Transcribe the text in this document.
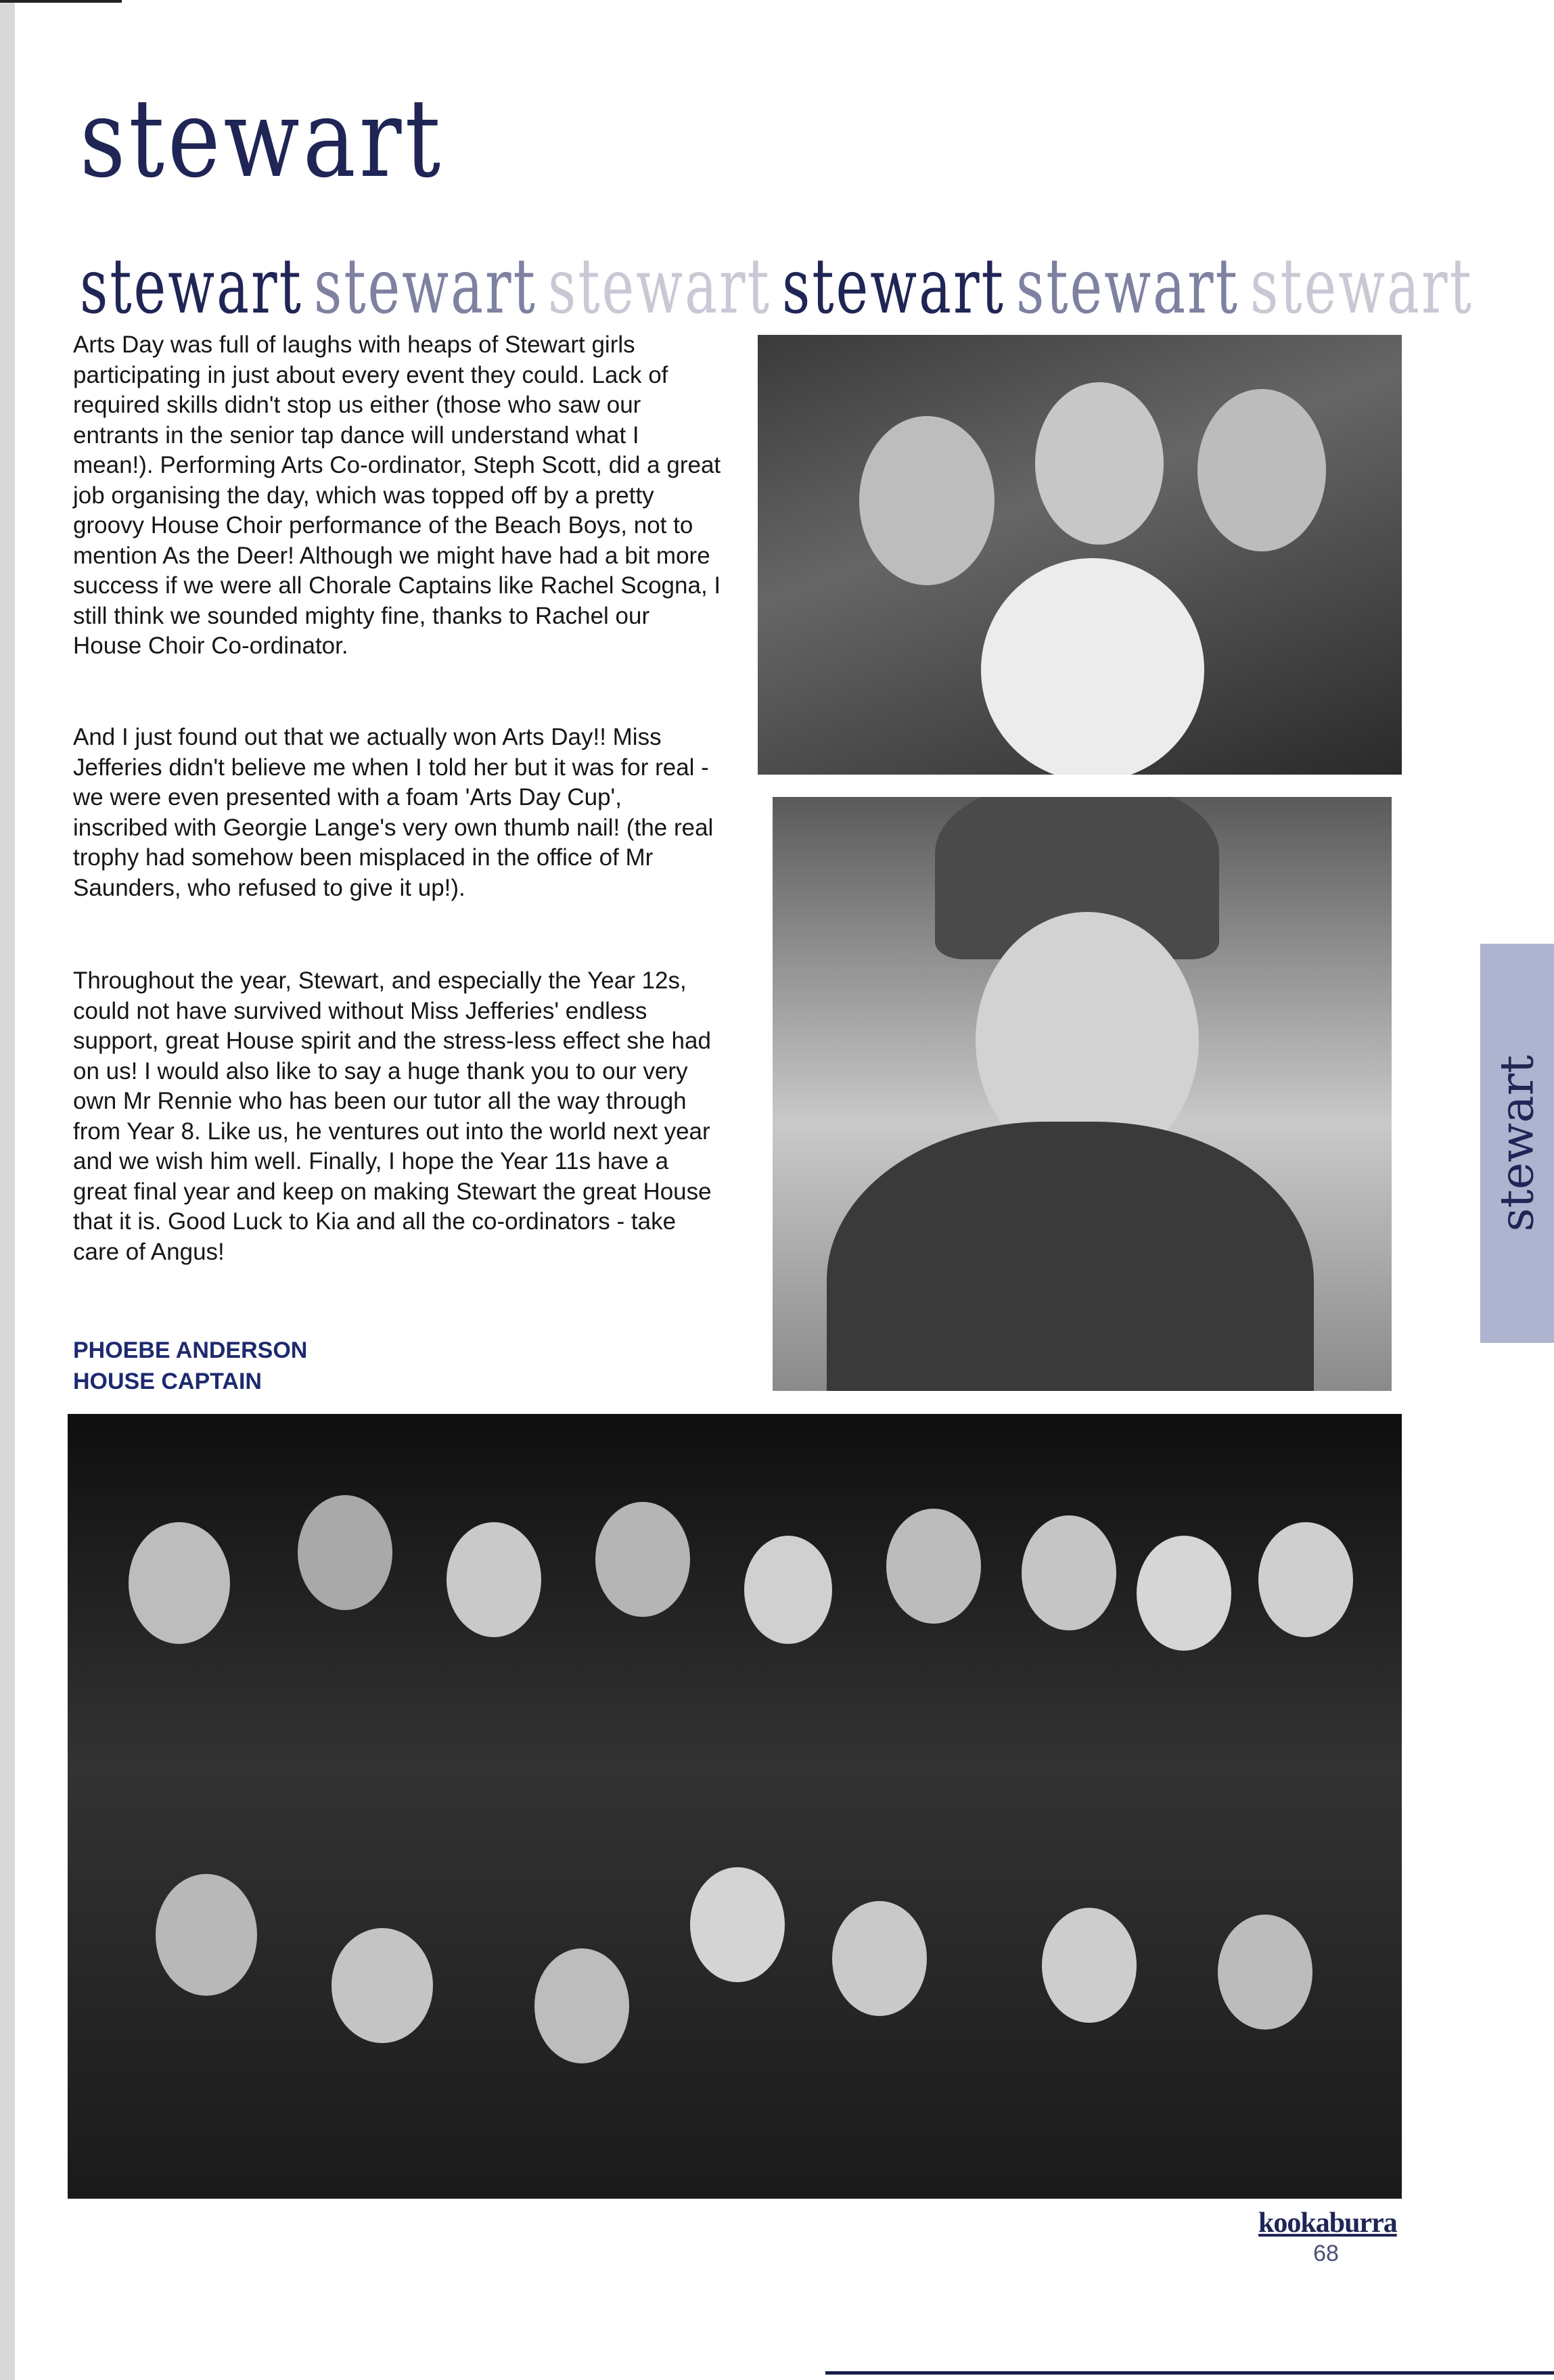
stewart
stewart stewart stewart stewart stewart stewart

Arts Day was full of laughs with heaps of Stewart girls participating in just about every event they could. Lack of required skills didn't stop us either (those who saw our entrants in the senior tap dance will understand what I mean!). Performing Arts Co-ordinator, Steph Scott, did a great job organising the day, which was topped off by a pretty groovy House Choir performance of the Beach Boys, not to mention As the Deer! Although we might have had a bit more success if we were all Chorale Captains like Rachel Scogna, I still think we sounded mighty fine, thanks to Rachel our House Choir Co-ordinator.

And I just found out that we actually won Arts Day!! Miss Jefferies didn't believe me when I told her but it was for real - we were even presented with a foam 'Arts Day Cup', inscribed with Georgie Lange's very own thumb nail! (the real trophy had somehow been misplaced in the office of Mr Saunders, who refused to give it up!).

Throughout the year, Stewart, and especially the Year 12s, could not have survived without Miss Jefferies' endless support, great House spirit and the stress-less effect she had on us! I would also like to say a huge thank you to our very own Mr Rennie who has been our tutor all the way through from Year 8. Like us, he ventures out into the world next year and we wish him well. Finally, I hope the Year 11s have a great final year and keep on making Stewart the great House that it is. Good Luck to Kia and all the co-ordinators - take care of Angus!

PHOEBE ANDERSON
HOUSE CAPTAIN
stewart
kookaburra
68
